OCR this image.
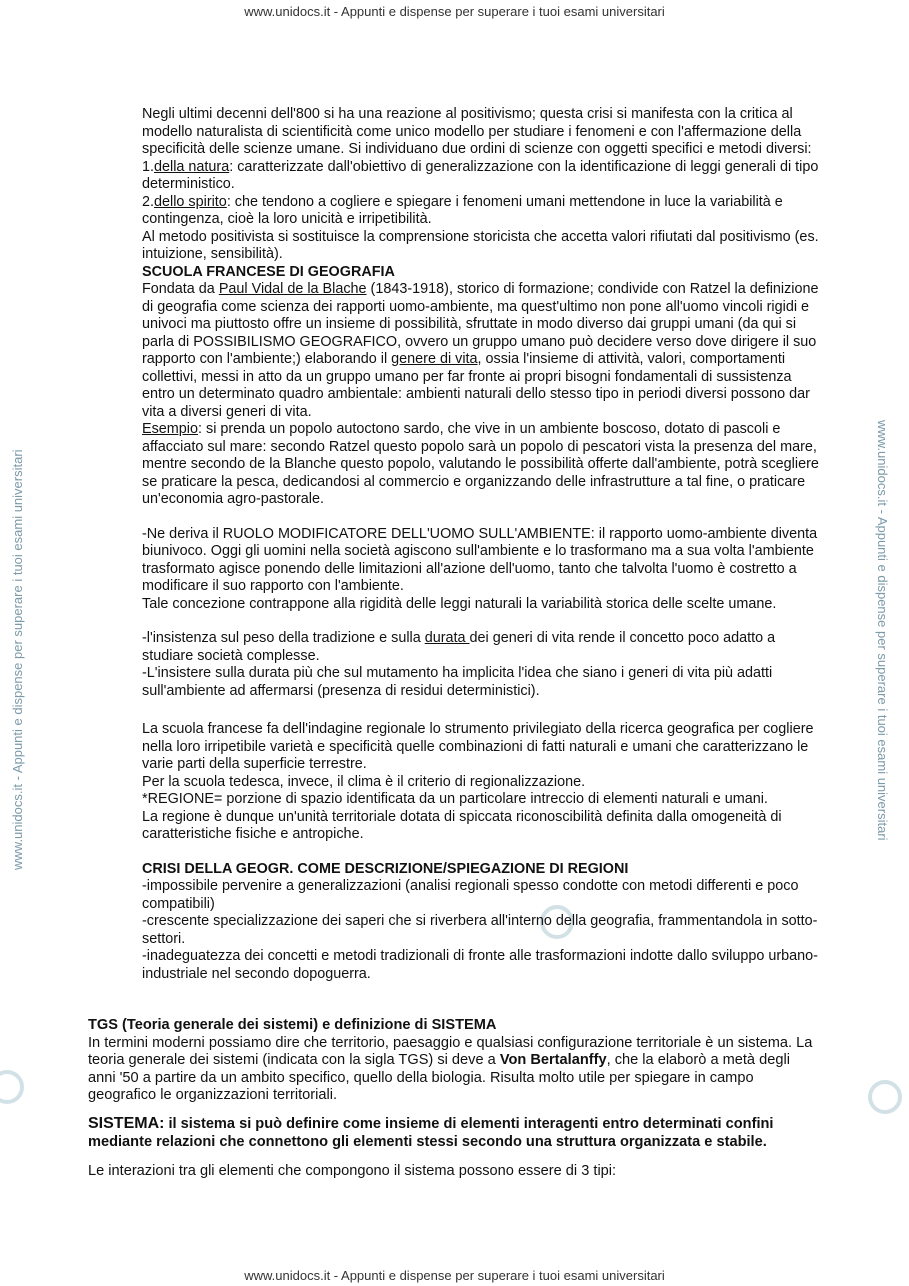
www.unidocs.it - Appunti e dispense per superare i tuoi esami universitari
www.unidocs.it - Appunti e dispense per superare i tuoi esami universitari
www.unidocs.it - Appunti e dispense per superare i tuoi esami universitari	www.unidocs.it - Appunti e dispense per superare i tuoi esami universitari

Negli ultimi decenni dell'800 si ha una reazione al positivismo; questa crisi si manifesta con la critica al modello naturalista di scientificità come unico modello per studiare i fenomeni e con l'affermazione della specificità delle scienze umane. Si individuano due ordini di scienze con oggetti specifici e metodi diversi:

1.della natura: caratterizzate dall'obiettivo di generalizzazione con la identificazione di leggi generali di tipo deterministico.

2.dello spirito: che tendono a cogliere e spiegare i fenomeni umani mettendone in luce la variabilità e contingenza, cioè la loro unicità e irripetibilità.

Al metodo positivista si sostituisce la comprensione storicista che accetta valori rifiutati dal positivismo (es. intuizione, sensibilità).

SCUOLA FRANCESE DI GEOGRAFIA

Fondata da Paul Vidal de la Blache (1843-1918), storico di formazione; condivide con Ratzel la definizione di geografia come scienza dei rapporti uomo-ambiente, ma quest'ultimo non pone all'uomo vincoli rigidi e univoci ma piuttosto offre un insieme di possibilità, sfruttate in modo diverso dai gruppi umani (da qui si parla di POSSIBILISMO GEOGRAFICO, ovvero un gruppo umano può decidere verso dove dirigere il suo rapporto con l'ambiente;) elaborando il genere di vita, ossia l'insieme di attività, valori, comportamenti collettivi, messi in atto da un gruppo umano per far fronte ai propri bisogni fondamentali di sussistenza entro un determinato quadro ambientale: ambienti naturali dello stesso tipo in periodi diversi possono dar vita a diversi generi di vita.

Esempio: si prenda un popolo autoctono sardo, che vive in un ambiente boscoso, dotato di pascoli e affacciato sul mare: secondo Ratzel questo popolo sarà un popolo di pescatori vista la presenza del mare, mentre secondo de la Blanche questo popolo, valutando le possibilità offerte dall'ambiente, potrà scegliere se praticare la pesca, dedicandosi al commercio e organizzando delle infrastrutture a tal fine, o praticare un'economia agro-pastorale.

-Ne deriva il RUOLO MODIFICATORE DELL'UOMO SULL'AMBIENTE: il rapporto uomo-ambiente diventa biunivoco. Oggi gli uomini nella società agiscono sull'ambiente e lo trasformano ma a sua volta l'ambiente trasformato agisce ponendo delle limitazioni all'azione dell'uomo, tanto che talvolta l'uomo è costretto a modificare il suo rapporto con l'ambiente.

Tale concezione contrappone alla rigidità delle leggi naturali la variabilità storica delle scelte umane.

-l'insistenza sul peso della tradizione e sulla durata dei generi di vita rende il concetto poco adatto a studiare società complesse.

-L'insistere sulla durata più che sul mutamento ha implicita l'idea che siano i generi di vita più adatti sull'ambiente ad affermarsi (presenza di residui deterministici).

La scuola francese fa dell'indagine regionale lo strumento privilegiato della ricerca geografica per cogliere nella loro irripetibile varietà e specificità quelle combinazioni di fatti naturali e umani che caratterizzano le varie parti della superficie terrestre.

Per la scuola tedesca, invece, il clima è il criterio di regionalizzazione.

*REGIONE= porzione di spazio identificata da un particolare intreccio di elementi naturali e umani.

La regione è dunque un'unità territoriale dotata di spiccata riconoscibilità definita dalla omogeneità di caratteristiche fisiche e antropiche.

CRISI DELLA GEOGR. COME DESCRIZIONE/SPIEGAZIONE DI REGIONI

-impossibile pervenire a generalizzazioni (analisi regionali spesso condotte con metodi differenti e poco compatibili)

-crescente specializzazione dei saperi che si riverbera all'interno della geografia, frammentandola in sotto-settori.

-inadeguatezza dei concetti e metodi tradizionali di fronte alle trasformazioni indotte dallo sviluppo urbano-industriale nel secondo dopoguerra.

TGS (Teoria generale dei sistemi) e definizione di SISTEMA

In termini moderni possiamo dire che territorio, paesaggio e qualsiasi configurazione territoriale è un sistema. La teoria generale dei sistemi (indicata con la sigla TGS) si deve a Von Bertalanffy, che la elaborò a metà degli anni '50 a partire da un ambito specifico, quello della biologia. Risulta molto utile per spiegare in campo geografico le organizzazioni territoriali.

SISTEMA: il sistema si può definire come insieme di elementi interagenti entro determinati confini mediante relazioni che connettono gli elementi stessi secondo una struttura organizzata e stabile.

Le interazioni tra gli elementi che compongono il sistema possono essere di 3 tipi:
